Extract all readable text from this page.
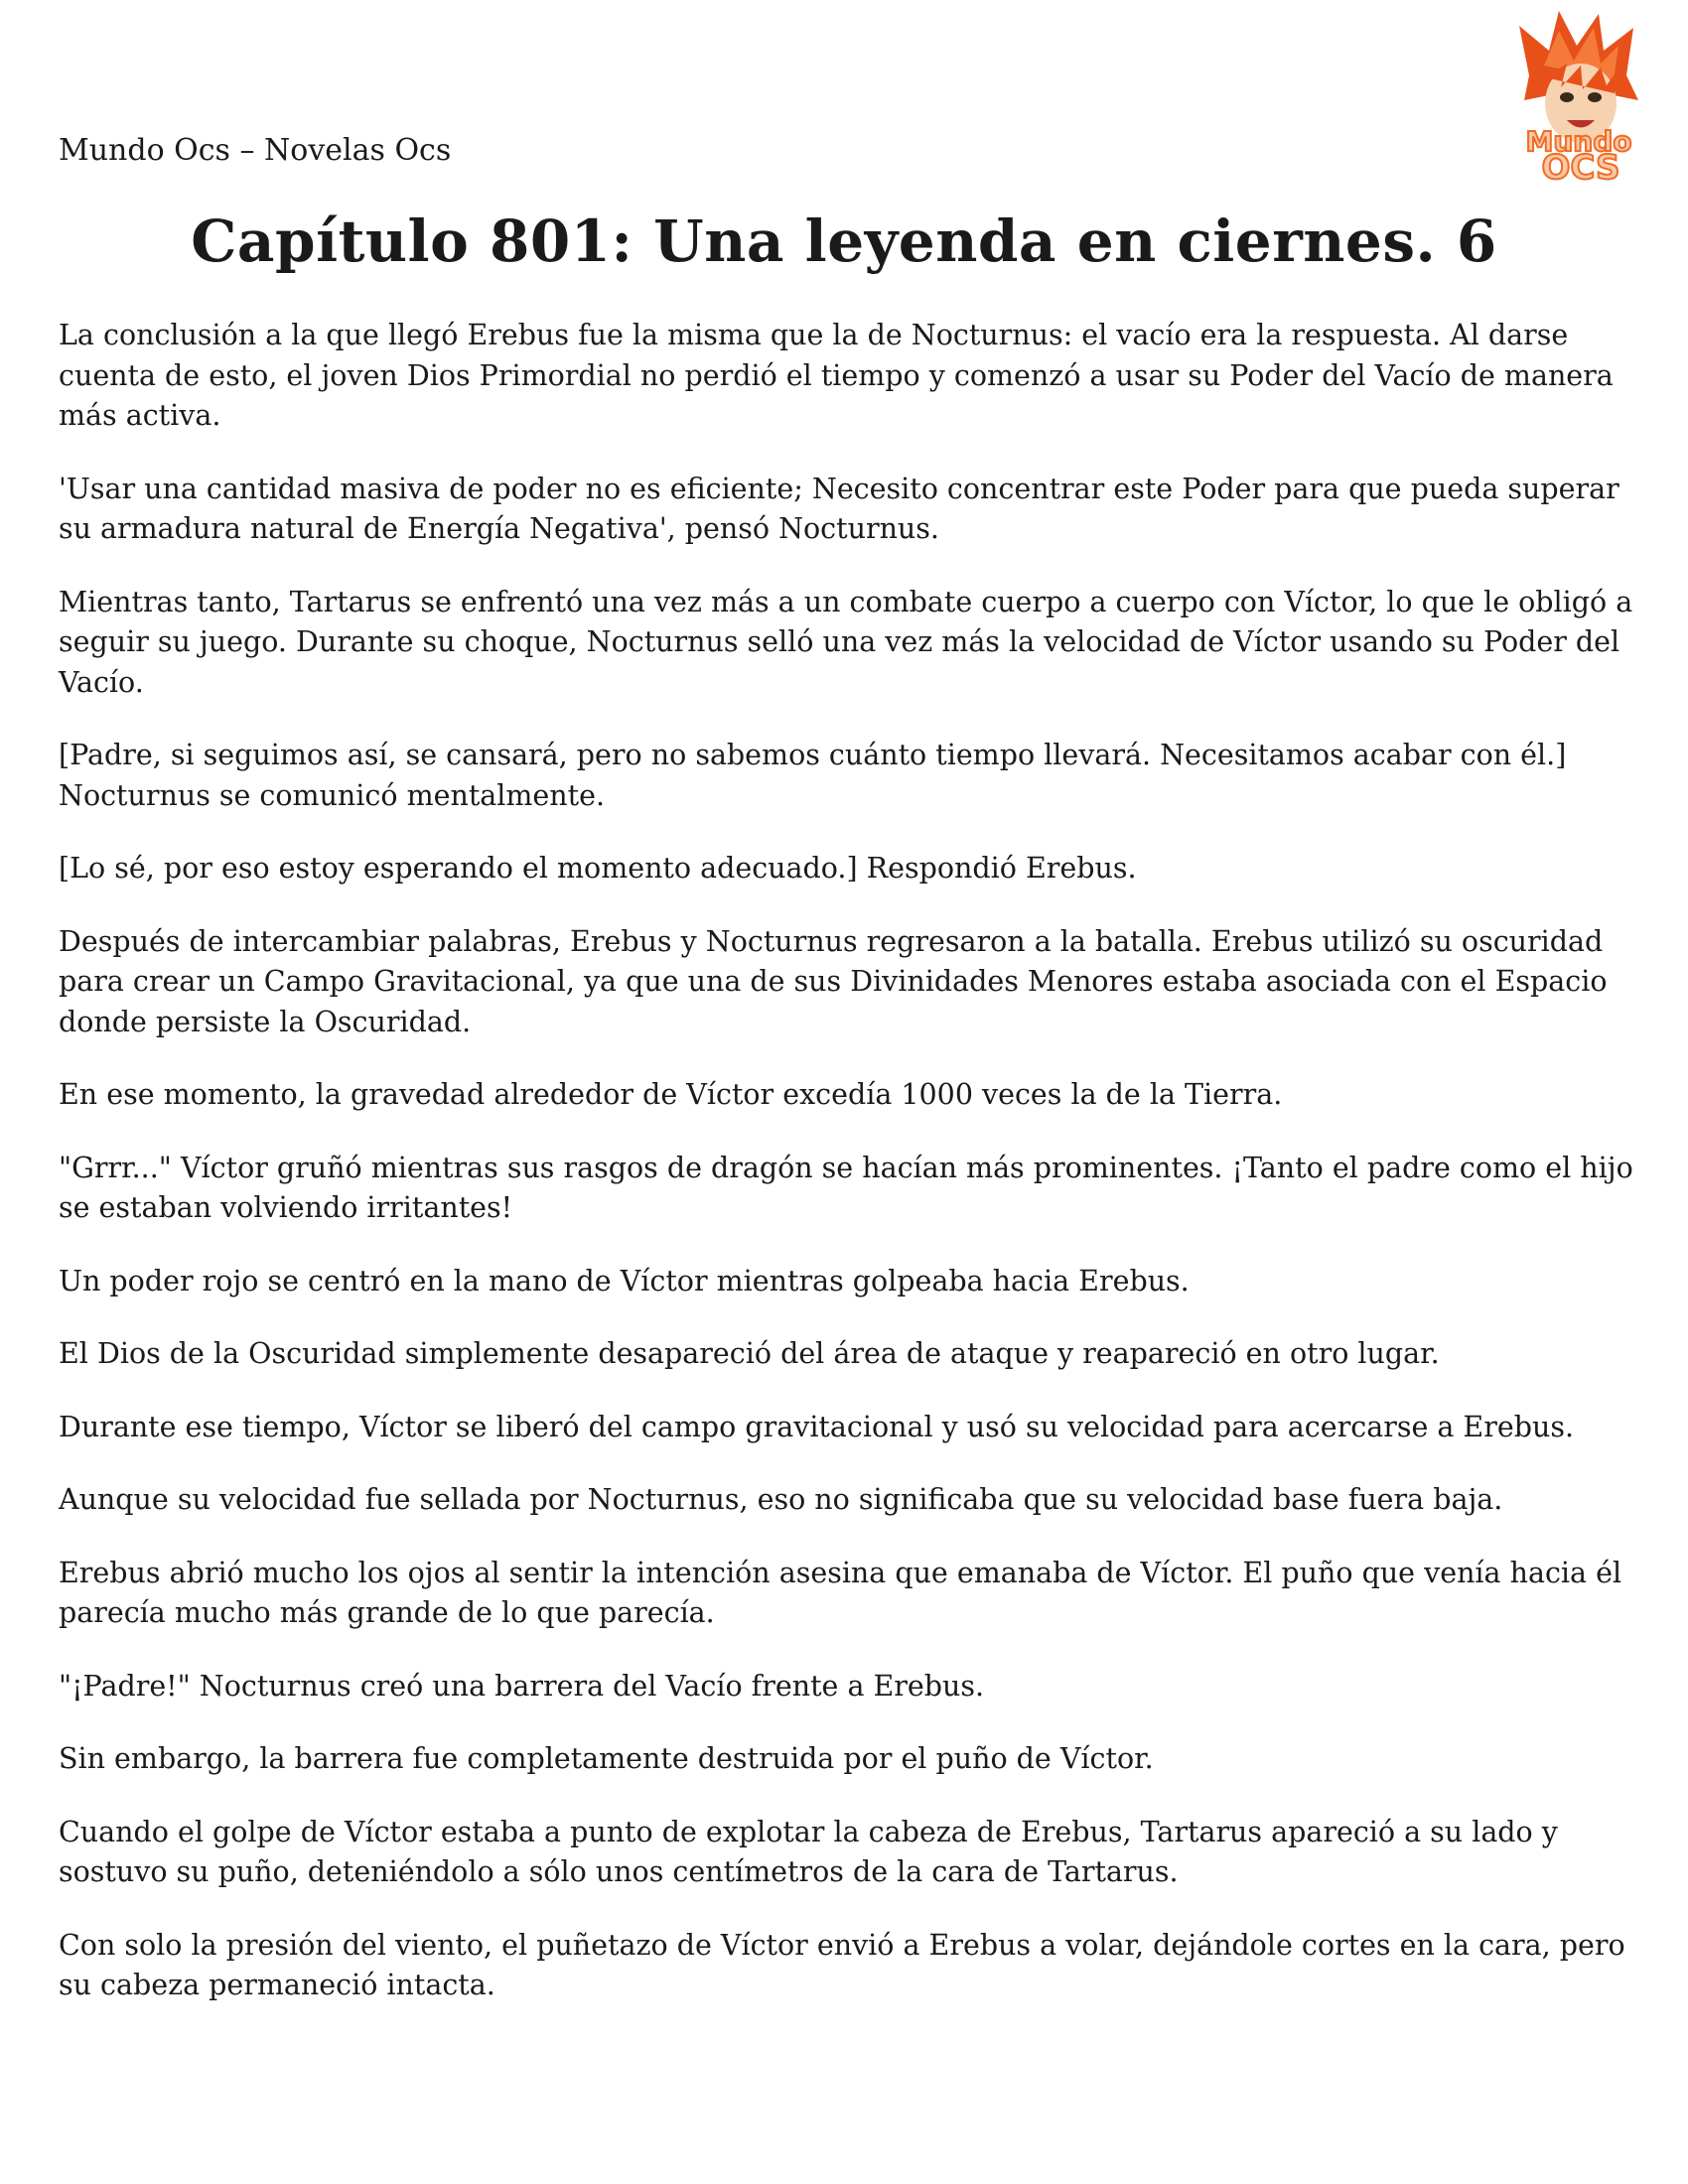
Mundo Ocs – Novelas Ocs	Mundo
OCS
Capítulo 801: Una leyenda en ciernes. 6

La conclusión a la que llegó Erebus fue la misma que la de Nocturnus: el vacío era la respuesta. Al darse cuenta de esto, el joven Dios Primordial no perdió el tiempo y comenzó a usar su Poder del Vacío de manera más activa.

'Usar una cantidad masiva de poder no es eficiente; Necesito concentrar este Poder para que pueda superar su armadura natural de Energía Negativa', pensó Nocturnus.

Mientras tanto, Tartarus se enfrentó una vez más a un combate cuerpo a cuerpo con Víctor, lo que le obligó a seguir su juego. Durante su choque, Nocturnus selló una vez más la velocidad de Víctor usando su Poder del Vacío.

[Padre, si seguimos así, se cansará, pero no sabemos cuánto tiempo llevará. Necesitamos acabar con él.] Nocturnus se comunicó mentalmente.

[Lo sé, por eso estoy esperando el momento adecuado.] Respondió Erebus.

Después de intercambiar palabras, Erebus y Nocturnus regresaron a la batalla. Erebus utilizó su oscuridad para crear un Campo Gravitacional, ya que una de sus Divinidades Menores estaba asociada con el Espacio donde persiste la Oscuridad.

En ese momento, la gravedad alrededor de Víctor excedía 1000 veces la de la Tierra.

"Grrr..." Víctor gruñó mientras sus rasgos de dragón se hacían más prominentes. ¡Tanto el padre como el hijo se estaban volviendo irritantes!

Un poder rojo se centró en la mano de Víctor mientras golpeaba hacia Erebus.

El Dios de la Oscuridad simplemente desapareció del área de ataque y reapareció en otro lugar.

Durante ese tiempo, Víctor se liberó del campo gravitacional y usó su velocidad para acercarse a Erebus.

Aunque su velocidad fue sellada por Nocturnus, eso no significaba que su velocidad base fuera baja.

Erebus abrió mucho los ojos al sentir la intención asesina que emanaba de Víctor. El puño que venía hacia él parecía mucho más grande de lo que parecía.

"¡Padre!" Nocturnus creó una barrera del Vacío frente a Erebus.

Sin embargo, la barrera fue completamente destruida por el puño de Víctor.

Cuando el golpe de Víctor estaba a punto de explotar la cabeza de Erebus, Tartarus apareció a su lado y sostuvo su puño, deteniéndolo a sólo unos centímetros de la cara de Tartarus.

Con solo la presión del viento, el puñetazo de Víctor envió a Erebus a volar, dejándole cortes en la cara, pero su cabeza permaneció intacta.
